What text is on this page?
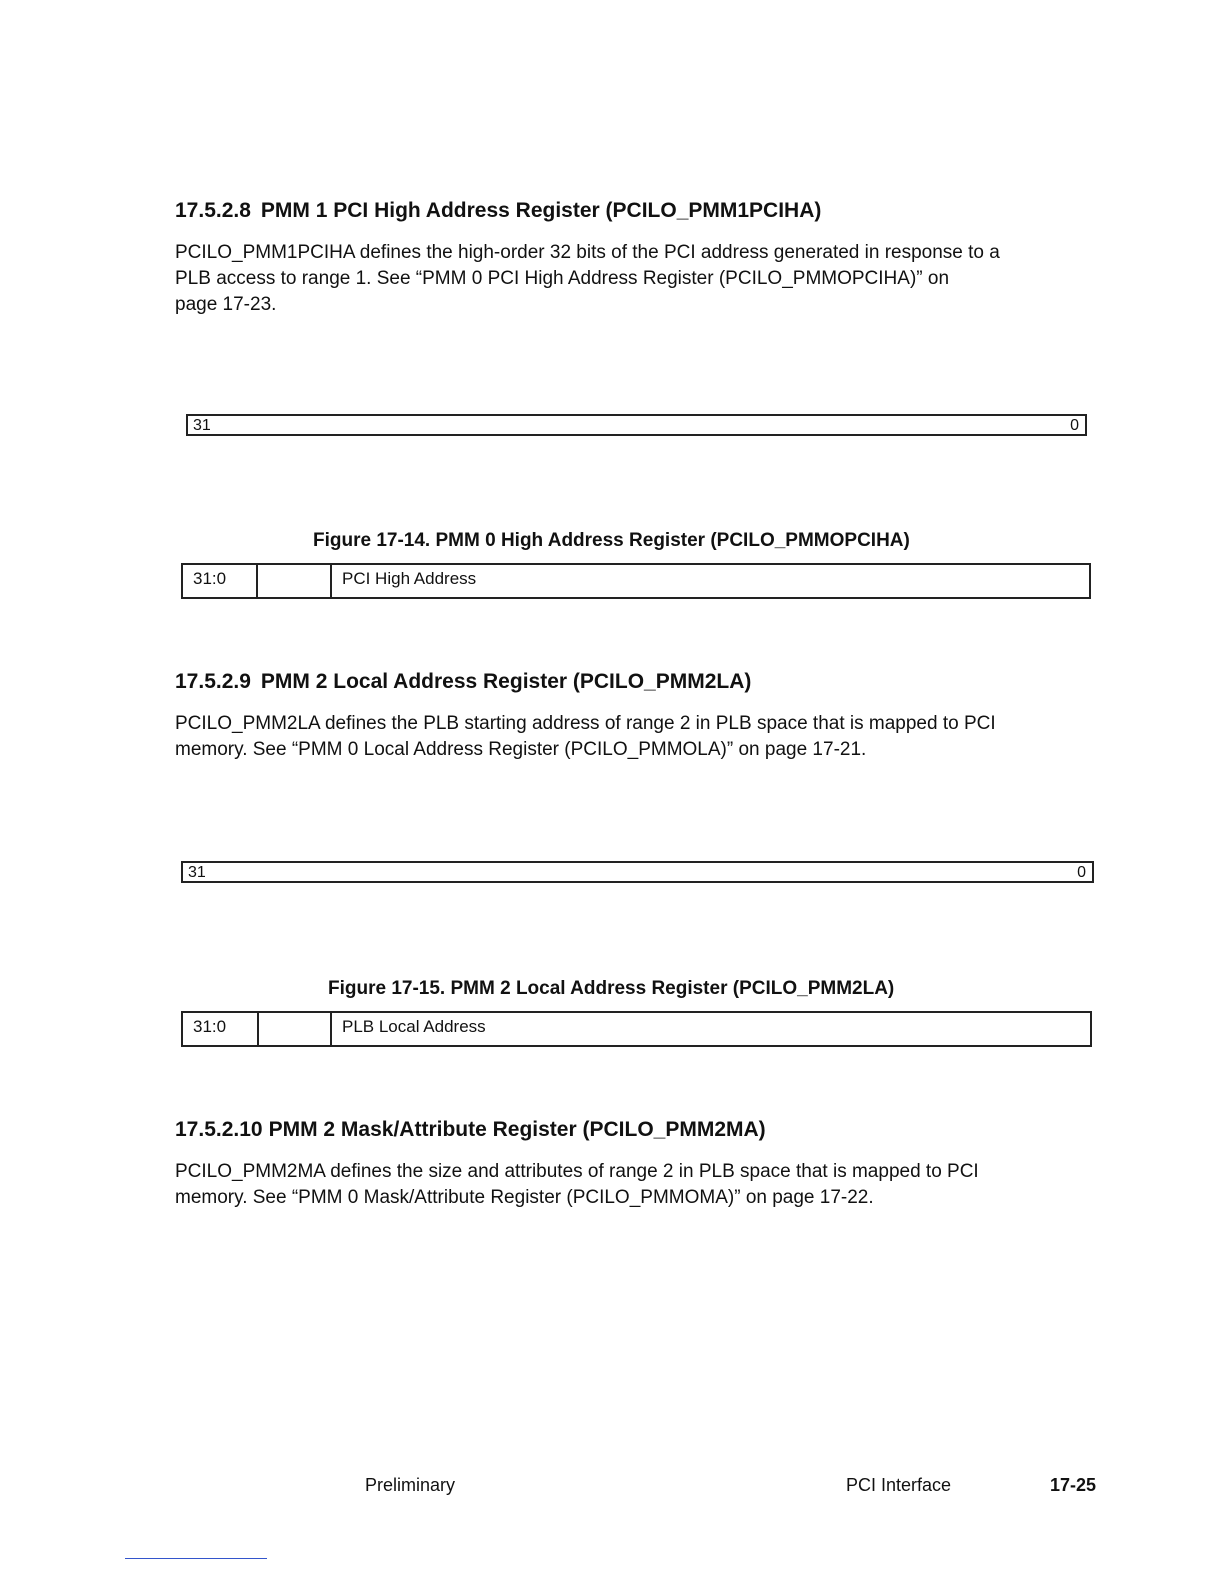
17.5.2.8 PMM 1 PCI High Address Register (PCILO_PMM1PCIHA)
PCILO_PMM1PCIHA defines the high-order 32 bits of the PCI address generated in response to a
PLB access to range 1. See “PMM 0 PCI High Address Register (PCILO_PMMOPCIHA)” on
page 17-23.
31	0
Figure 17-14. PMM 0 High Address Register (PCILO_PMMOPCIHA)
31:0	PCI High Address
17.5.2.9 PMM 2 Local Address Register (PCILO_PMM2LA)
PCILO_PMM2LA defines the PLB starting address of range 2 in PLB space that is mapped to PCI
memory. See “PMM 0 Local Address Register (PCILO_PMMOLA)” on page 17-21.
31	0
Figure 17-15. PMM 2 Local Address Register (PCILO_PMM2LA)
31:0	PLB Local Address
17.5.2.10 PMM 2 Mask/Attribute Register (PCILO_PMM2MA)
PCILO_PMM2MA defines the size and attributes of range 2 in PLB space that is mapped to PCI
memory. See “PMM 0 Mask/Attribute Register (PCILO_PMMOMA)” on page 17-22.
Preliminary	PCI Interface	17-25
